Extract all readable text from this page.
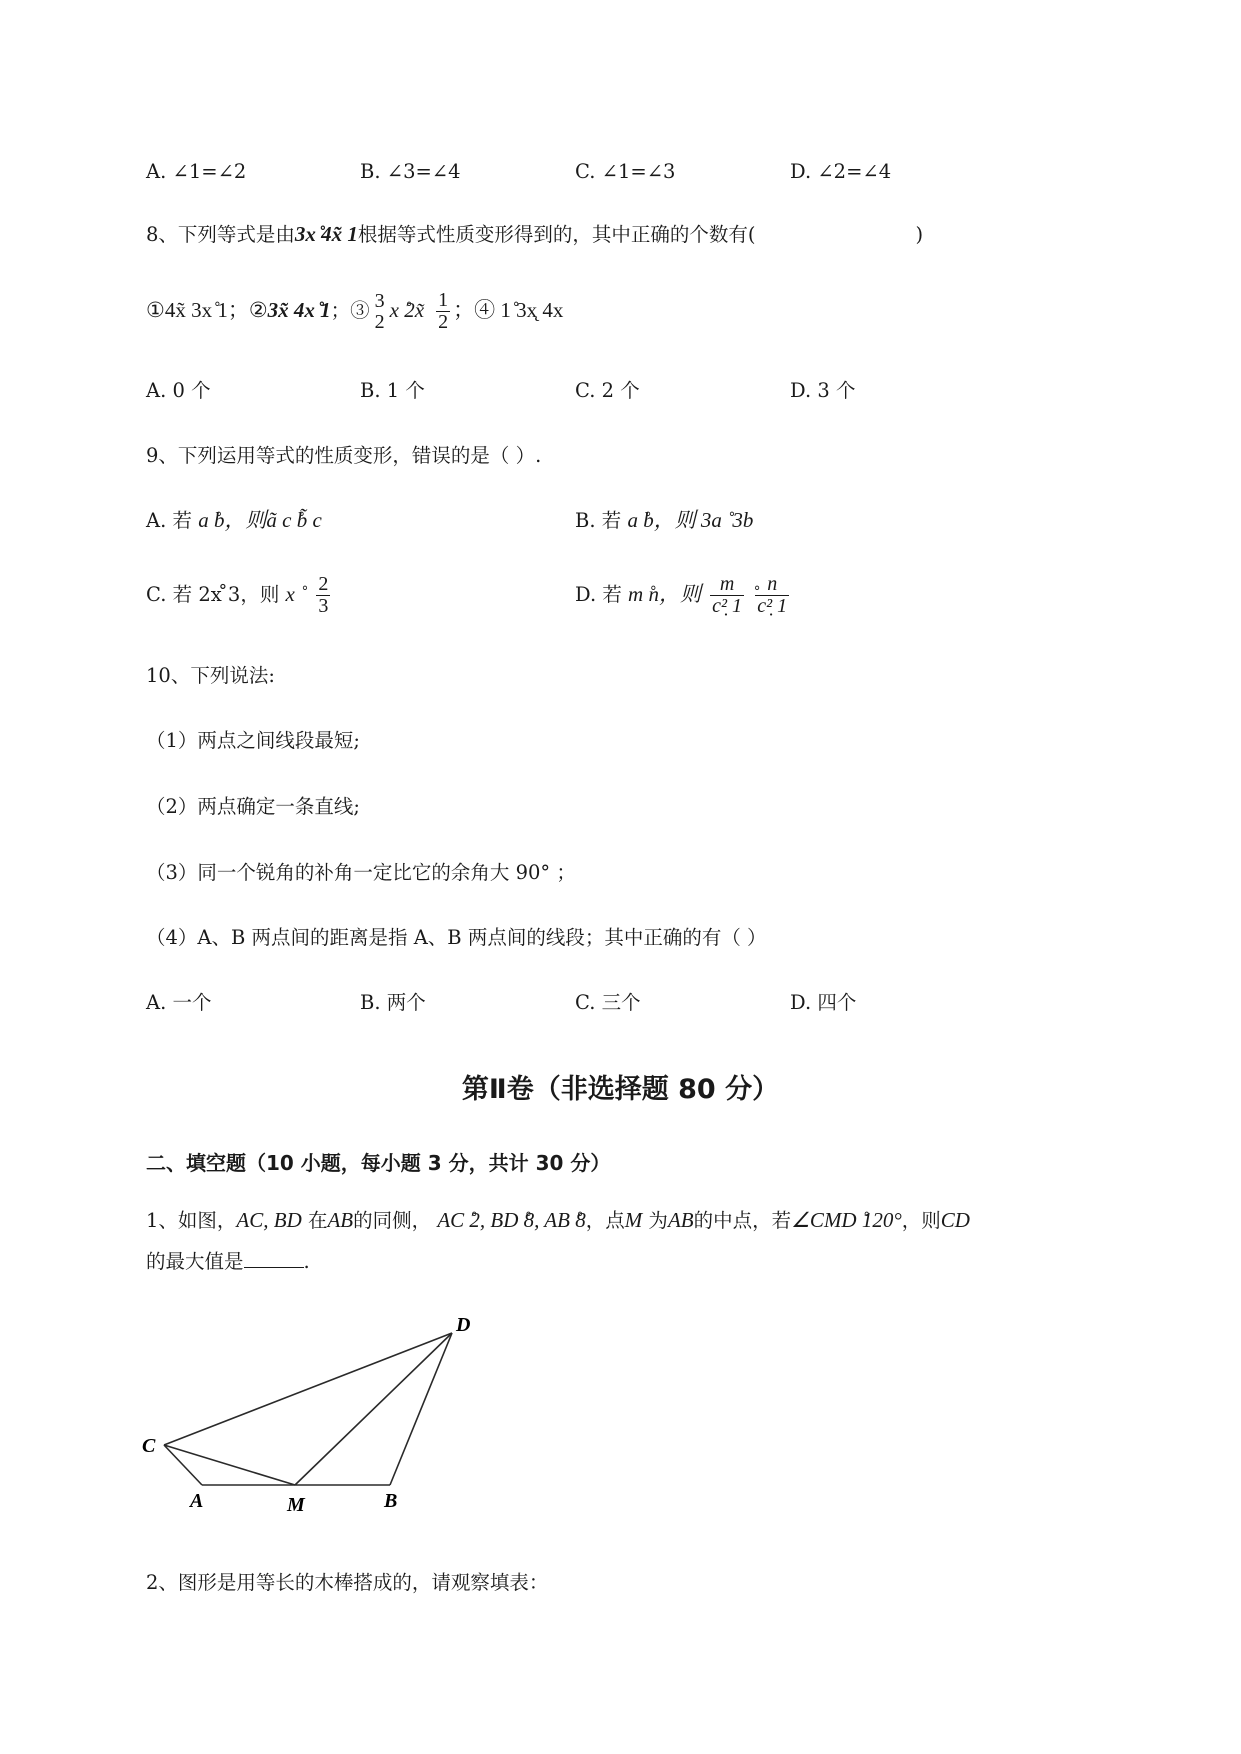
A. ∠1=∠2	B. ∠3=∠4	C. ∠1=∠3	D. ∠2=∠4
8、下列等式是由3x ̊4x̃ 1根据等式性质变形得到的，其中正确的个数有(	)
①4x̃ 3x ̊1；②3x̃ 4x ̊1；③ 3
2 x ̊2x̃ $\frac{1}{2}$ ；④ 1 ̊3x̨ 4x
A. 0 个	B. 1 个	C. 2 个	D. 3 个
9、下列运用等式的性质变形，错误的是（ ）.
A. 若 a ̊b，则ã c ̊b̃ c	B. 若 a ̊b，则 3a ̊ 3b
C. 若 2x ̊3，则 x ̊ $\frac{2}{3}$	D. 若 m ̊n，则 $\frac{m}{\text{c²̣ 1}}$ ̊ $\frac{n}{\text{c²̣ 1}}$
10、下列说法:
（1）两点之间线段最短;
（2）两点确定一条直线;
（3）同一个锐角的补角一定比它的余角大 90° ；
（4）A、B 两点间的距离是指 A、B 两点间的线段；其中正确的有（ ）
A. 一个	B. 两个	C. 三个	D. 四个
第Ⅱ卷（非选择题 80 分）
二、填空题（10 小题，每小题 3 分，共计 30 分）
1、如图，AC, BD 在AB的同侧， AC ̊2, BD ̊8, AB ̊8，点M 为AB的中点，若∠CMD ̊120°，则CD
的最大值是	.
D
C
A	M	B
2、图形是用等长的木棒搭成的，请观察填表：
